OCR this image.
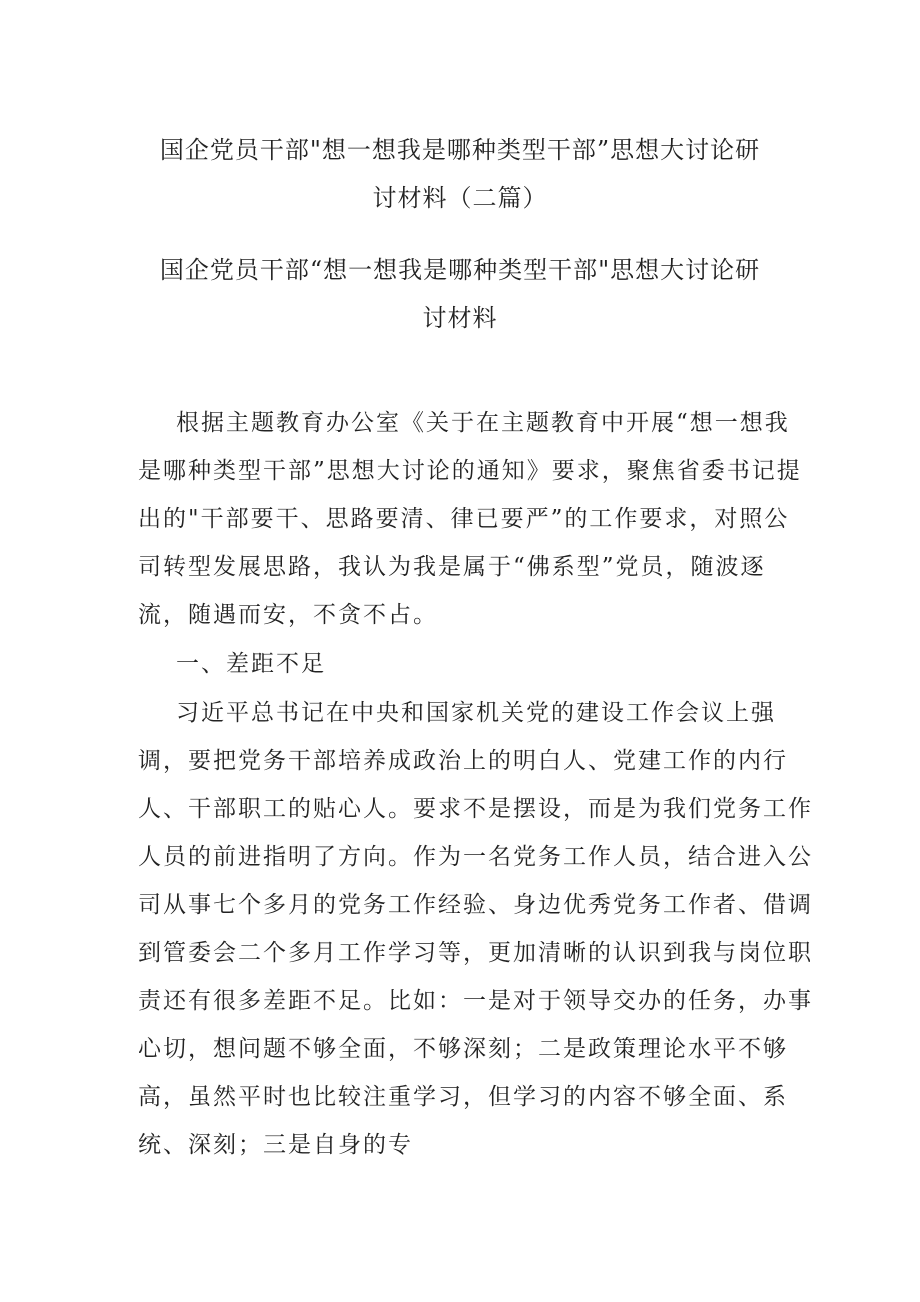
国企党员干部"想一想我是哪种类型干部”思想大讨论研
讨材料（二篇）
国企党员干部“想一想我是哪种类型干部"思想大讨论研
讨材料
根据主题教育办公室《关于在主题教育中开展“想一想我
是哪种类型干部”思想大讨论的通知》要求，聚焦省委书记提
出的"干部要干、思路要清、律已要严”的工作要求，对照公
司转型发展思路，我认为我是属于“佛系型”党员，随波逐
流，随遇而安，不贪不占。
一、差距不足
习近平总书记在中央和国家机关党的建设工作会议上强
调，要把党务干部培养成政治上的明白人、党建工作的内行
人、干部职工的贴心人。要求不是摆设，而是为我们党务工作
人员的前进指明了方向。作为一名党务工作人员，结合进入公
司从事七个多月的党务工作经验、身边优秀党务工作者、借调
到管委会二个多月工作学习等，更加清晰的认识到我与岗位职
责还有很多差距不足。比如：一是对于领导交办的任务，办事
心切，想问题不够全面，不够深刻；二是政策理论水平不够
高，虽然平时也比较注重学习，但学习的内容不够全面、系
统、深刻；三是自身的专
